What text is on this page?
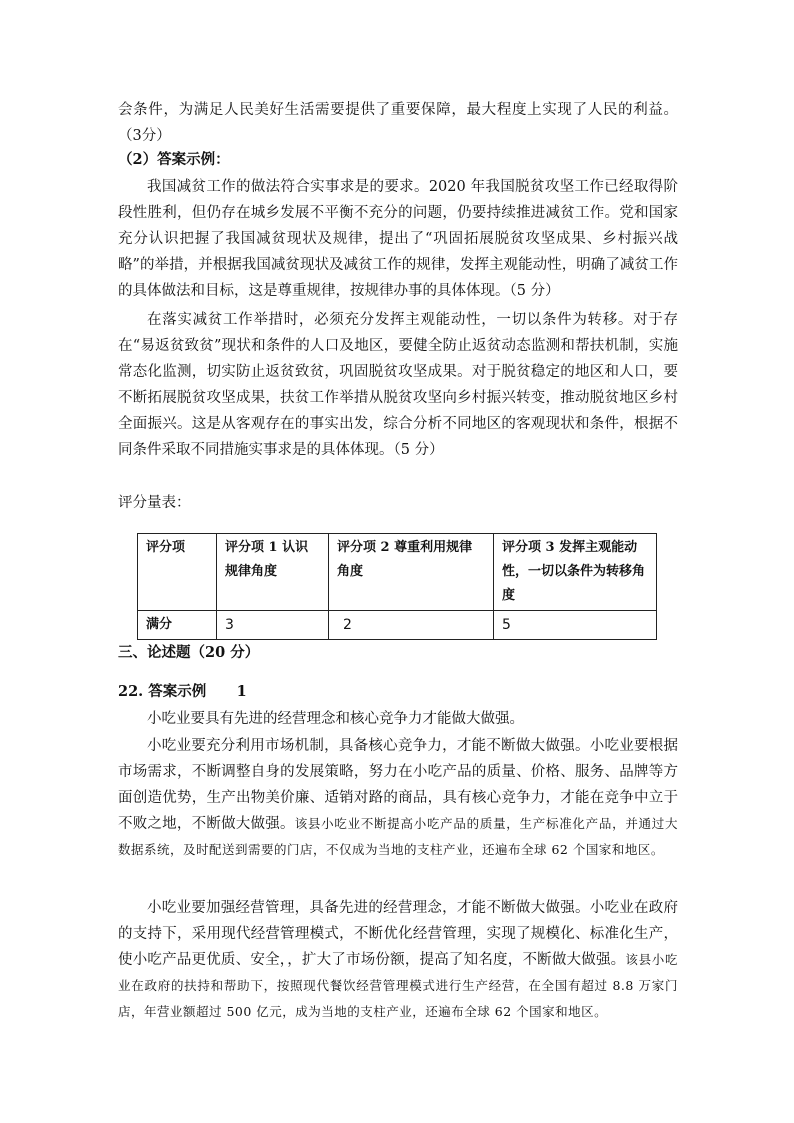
会条件，为满足人民美好生活需要提供了重要保障，最大程度上实现了人民的利益。 （3分）

（2）答案示例：

我国减贫工作的做法符合实事求是的要求。2020 年我国脱贫攻坚工作已经取得阶段性胜利，但仍存在城乡发展不平衡不充分的问题，仍要持续推进减贫工作。党和国家充分认识把握了我国减贫现状及规律，提出了“巩固拓展脱贫攻坚成果、乡村振兴战略”的举措，并根据我国减贫现状及减贫工作的规律，发挥主观能动性，明确了减贫工作的具体做法和目标，这是尊重规律，按规律办事的具体体现。（5 分）

在落实减贫工作举措时，必须充分发挥主观能动性，一切以条件为转移。对于存在“易返贫致贫”现状和条件的人口及地区，要健全防止返贫动态监测和帮扶机制，实施常态化监测，切实防止返贫致贫，巩固脱贫攻坚成果。对于脱贫稳定的地区和人口，要不断拓展脱贫攻坚成果，扶贫工作举措从脱贫攻坚向乡村振兴转变，推动脱贫地区乡村全面振兴。这是从客观存在的事实出发，综合分析不同地区的客观现状和条件，根据不同条件采取不同措施实事求是的具体体现。（5 分）

评分量表：

评分项	评分项 1 认识规律角度	评分项 2 尊重利用规律角度	评分项 3 发挥主观能动性，一切以条件为转移角度
满分	3	2	5

三、论述题（20 分）

22. 答案示例      1

小吃业要具有先进的经营理念和核心竞争力才能做大做强。

小吃业要充分利用市场机制，具备核心竞争力，才能不断做大做强。小吃业要根据市场需求，不断调整自身的发展策略，努力在小吃产品的质量、价格、服务、品牌等方面创造优势，生产出物美价廉、适销对路的商品，具有核心竞争力，才能在竞争中立于不败之地，不断做大做强。该县小吃业不断提高小吃产品的质量，生产标准化产品，并通过大数据系统，及时配送到需要的门店，不仅成为当地的支柱产业，还遍布全球 62 个国家和地区。
小吃业要加强经营管理，具备先进的经营理念，才能不断做大做强。小吃业在政府的支持下，采用现代经营管理模式，不断优化经营管理，实现了规模化、标准化生产，使小吃产品更优质、安全，，扩大了市场份额，提高了知名度，不断做大做强。该县小吃业在政府的扶持和帮助下，按照现代餐饮经营管理模式进行生产经营，在全国有超过 8.8 万家门店，年营业额超过 500 亿元，成为当地的支柱产业，还遍布全球 62 个国家和地区。
